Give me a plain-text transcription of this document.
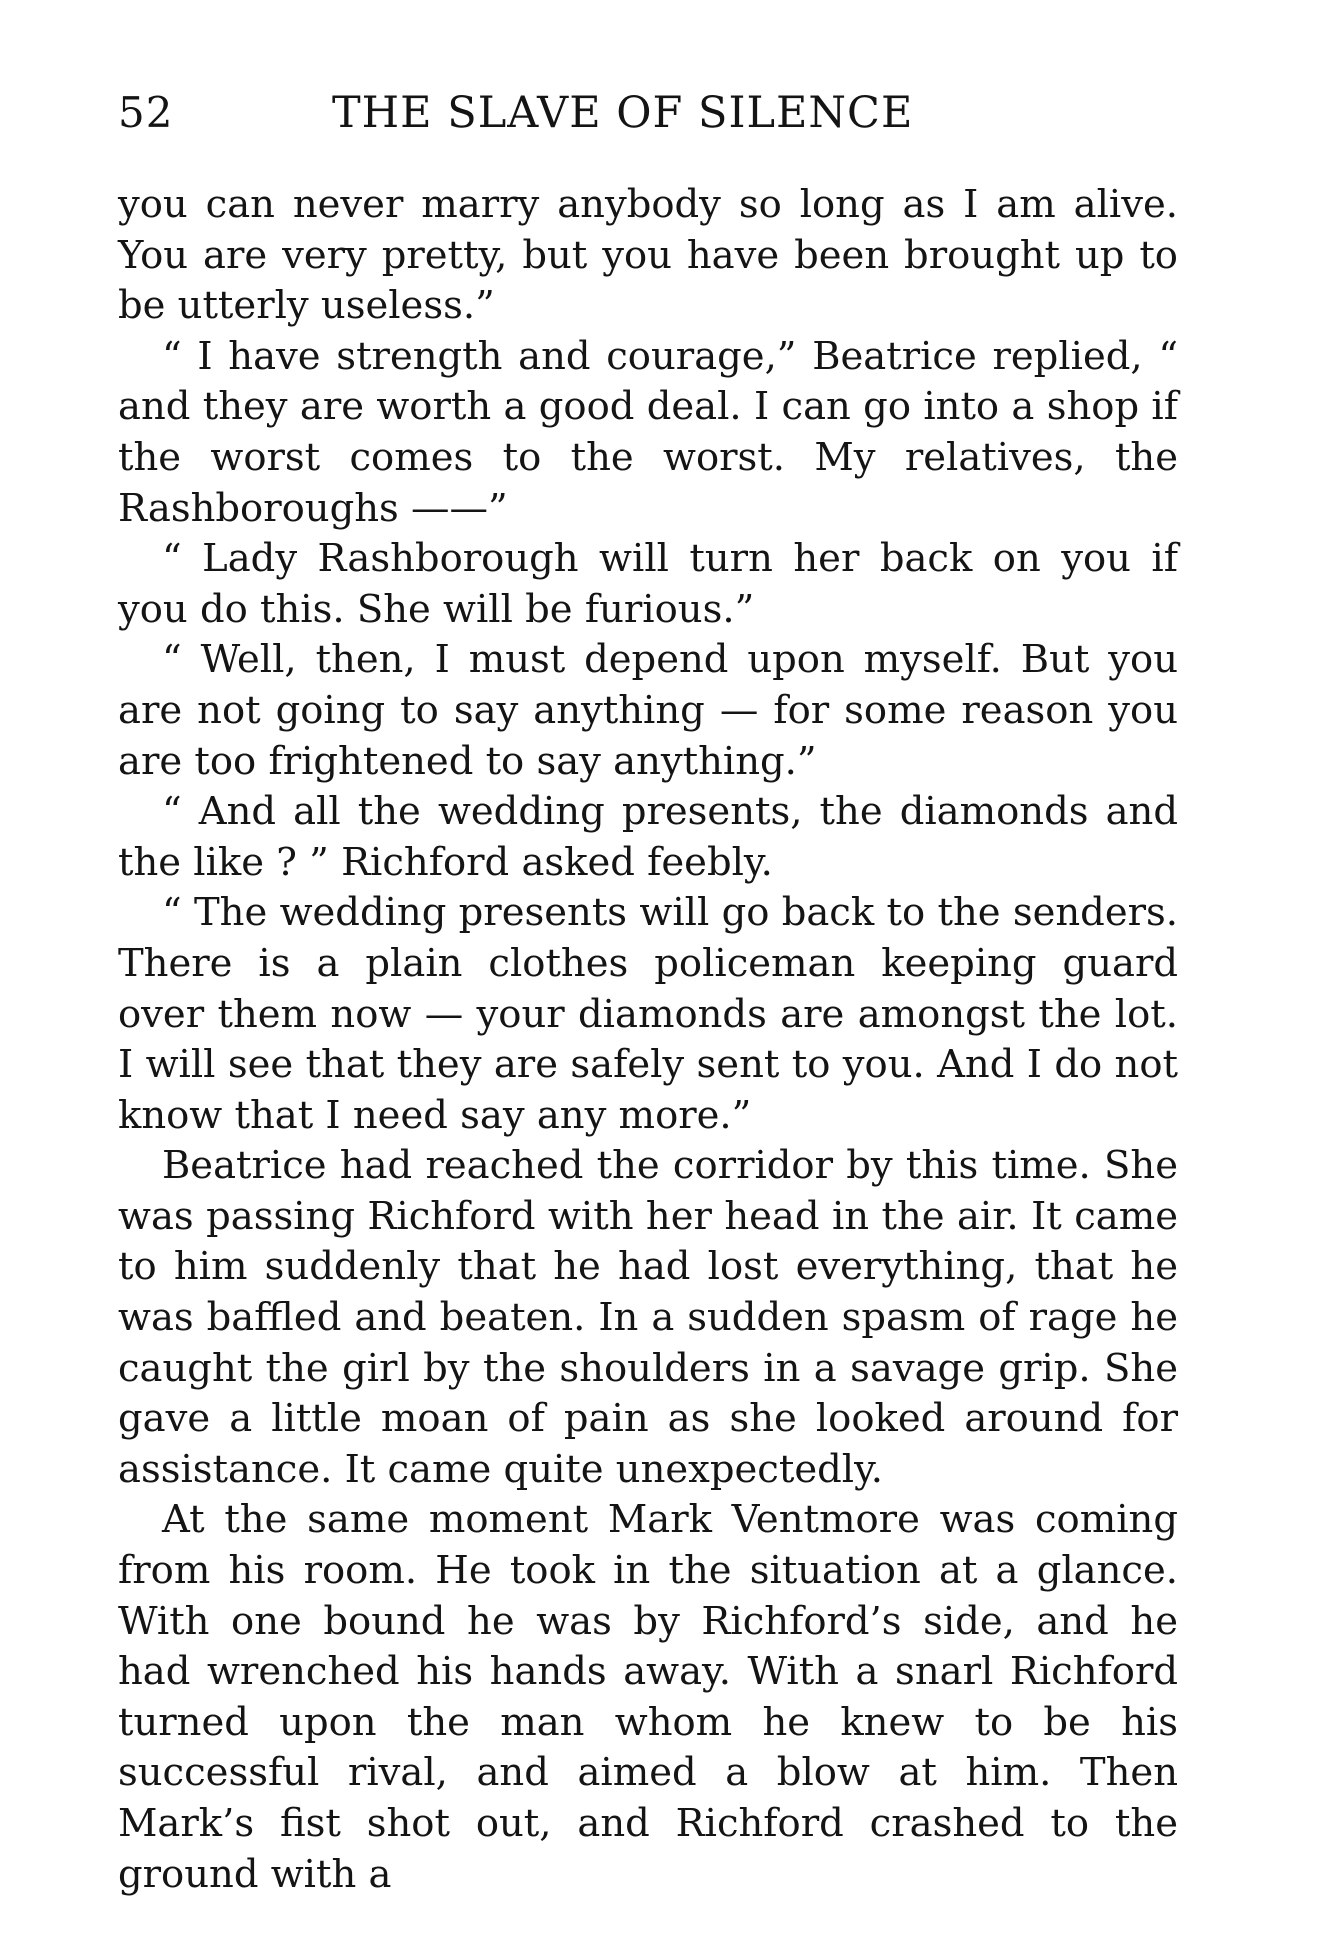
52	THE SLAVE OF SILENCE

you can never marry anybody so long as I am alive. You are very pretty, but you have been brought up to be utterly useless.”

“ I have strength and courage,” Beatrice replied, “ and they are worth a good deal. I can go into a shop if the worst comes to the worst. My relatives, the Rashboroughs ——”

“ Lady Rashborough will turn her back on you if you do this. She will be furious.”

“ Well, then, I must depend upon myself. But you are not going to say anything — for some reason you are too frightened to say anything.”

“ And all the wedding presents, the diamonds and the like ? ” Richford asked feebly.

“ The wedding presents will go back to the senders. There is a plain clothes policeman keeping guard over them now — your diamonds are amongst the lot. I will see that they are safely sent to you. And I do not know that I need say any more.”

Beatrice had reached the corridor by this time. She was passing Richford with her head in the air. It came to him suddenly that he had lost everything, that he was baffled and beaten. In a sudden spasm of rage he caught the girl by the shoulders in a savage grip. She gave a little moan of pain as she looked around for assistance. It came quite unexpectedly.

At the same moment Mark Ventmore was coming from his room. He took in the situation at a glance. With one bound he was by Richford’s side, and he had wrenched his hands away. With a snarl Richford turned upon the man whom he knew to be his successful rival, and aimed a blow at him. Then Mark’s fist shot out, and Richford crashed to the ground with a
